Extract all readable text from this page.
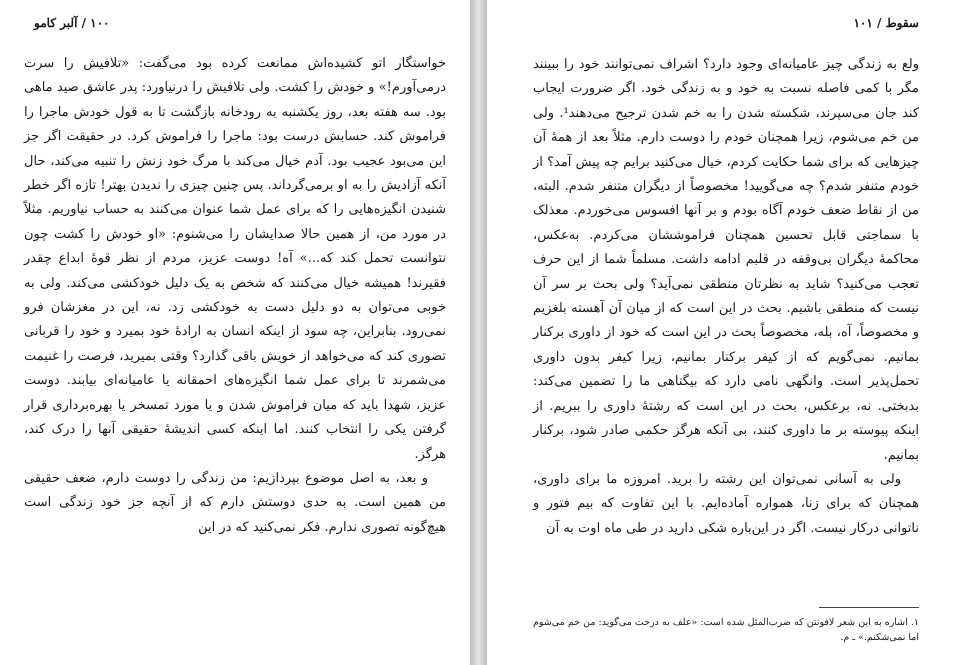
۱۰۰ / آلبر کامو

خواستگار اتو کشیده‌اش ممانعت کرده بود می‌گفت: «تلافیش را سرت درمی‌آورم!» و خودش را کشت. ولی تلافیش را درنیاورد: پدر عاشق صید ماهی بود. سه هفته بعد، روز یکشنبه به رودخانه بازگشت تا به قول خودش ماجرا را فراموش کند. حسابش درست بود: ماجرا را فراموش کرد. در حقیقت اگر جز این می‌بود عجیب بود. آدم خیال می‌کند با مرگ خود زنش را تنبیه می‌کند، حال آنکه آزادیش را به او برمی‌گرداند. پس چنین چیزی را ندیدن بهتر! تازه اگر خطر شنیدن انگیزه‌هایی را که برای عمل شما عنوان می‌کنند به حساب نیاوریم. مثلاً در مورد من، از همین حالا صدایشان را می‌شنوم: «او خودش را کشت چون نتوانست تحمل کند که...» آه! دوست عزیز، مردم از نظر قوهٔ ابداع چقدر فقیرند! همیشه خیال می‌کنند که شخص به یک دلیل خودکشی می‌کند. ولی به خوبی می‌توان به دو دلیل دست به خودکشی زد. نه، این در مغزشان فرو نمی‌رود. بنابراین، چه سود از اینکه انسان به ارادهٔ خود بمیرد و خود را قربانی تصوری کند که می‌خواهد از خویش باقی گذارد؟ وقتی بمیرید، فرصت را غنیمت می‌شمرند تا برای عمل شما انگیزه‌های احمقانه یا عامیانه‌ای بیابند. دوست عزیز، شهدا باید که میان فراموش شدن و یا مورد تمسخر یا بهره‌برداری قرار گرفتن یکی را انتخاب کنند. اما اینکه کسی اندیشهٔ حقیقی آنها را درک کند، هرگز.

و بعد، به اصل موضوع بپردازیم: من زندگی را دوست دارم، ضعف حقیقی من همین است. به حدی دوستش دارم که از آنچه جز خود زندگی است هیچ‌گونه تصوری ندارم. فکر نمی‌کنید که در این

سقوط / ۱۰۱

ولع به زندگی چیز عامیانه‌ای وجود دارد؟ اشراف نمی‌توانند خود را ببینند مگر با کمی فاصله نسبت به خود و به زندگی خود. اگر ضرورت ایجاب کند جان می‌سپرند، شکسته شدن را به خم شدن ترجیح می‌دهند¹. ولی من خم می‌شوم، زیرا همچنان خودم را دوست دارم. مثلاً بعد از همهٔ آن چیزهایی که برای شما حکایت کردم، خیال می‌کنید برایم چه پیش آمد؟ از خودم متنفر شدم؟ چه می‌گویید! مخصوصاً از دیگران متنفر شدم. البته، من از نقاط ضعف خودم آگاه بودم و بر آنها افسوس می‌خوردم. معذلک با سماجتی قابل تحسین همچنان فراموششان می‌کردم. به‌عکس، محاکمهٔ دیگران بی‌وقفه در قلبم ادامه داشت. مسلماً شما از این حرف تعجب می‌کنید؟ شاید به نظرتان منطقی نمی‌آید؟ ولی بحث بر سر آن نیست که منطقی باشیم. بحث در این است که از میان آن آهسته بلغزیم و مخصوصاً، آه، بله، مخصوصاً بحث در این است که خود از داوری برکنار بمانیم. نمی‌گویم که از کیفر برکنار بمانیم، زیرا کیفر بدون داوری تحمل‌پذیر است. وانگهی نامی دارد که بیگناهی ما را تضمین می‌کند: بدبختی. نه، برعکس، بحث در این است که رشتهٔ داوری را ببریم. از اینکه پیوسته بر ما داوری کنند، بی آنکه هرگز حکمی صادر شود، برکنار بمانیم.

ولی به آسانی نمی‌توان این رشته را برید. امروزه ما برای داوری، همچنان که برای زنا، همواره آماده‌ایم. با این تفاوت که بیم فتور و ناتوانی درکار نیست. اگر در این‌باره شکی دارید در طی ماه اوت به آن

۱. اشاره به این شعر لافونتن که ضرب‌المثل شده است: «علف به درخت می‌گوید: من خم می‌شوم اما نمی‌شکنم.» ـ م.
